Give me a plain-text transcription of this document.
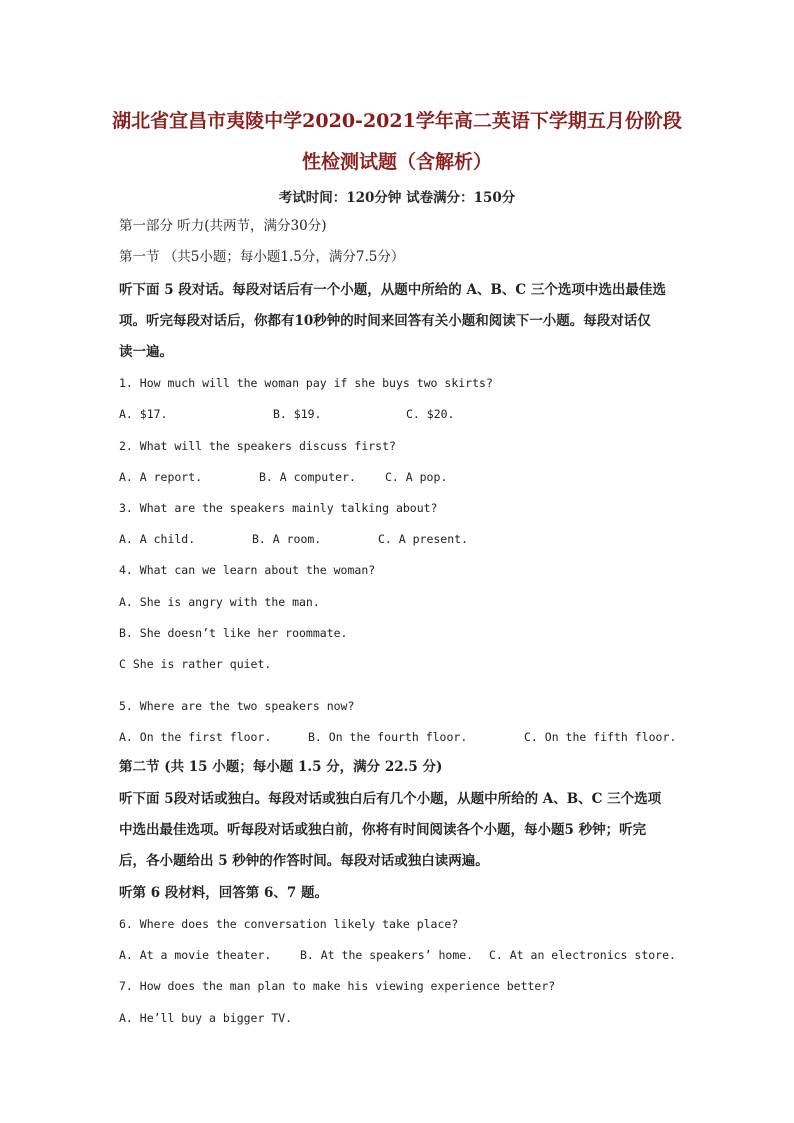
湖北省宜昌市夷陵中学2020-2021学年高二英语下学期五月份阶段
性检测试题（含解析）
考试时间：120分钟 试卷满分：150分
第一部分 听力(共两节，满分30分)
第一节 （共5小题；每小题1.5分，满分7.5分）
听下面 5 段对话。每段对话后有一个小题，从题中所给的 A、B、C 三个选项中选出最佳选
项。听完每段对话后，你都有10秒钟的时间来回答有关小题和阅读下一小题。每段对话仅
读一遍。
1. How much will the woman pay if she buys two skirts?
A. $17.	B. $19.	C. $20.
2. What will the speakers discuss first?
A. A report.	B. A computer.	C. A pop.
3. What are the speakers mainly talking about?
A. A child.	B. A room.	C. A present.
4. What can we learn about the woman?
A. She is angry with the man.
B. She doesn’t like her roommate.
C She is rather quiet.
5. Where are the two speakers now?
A. On the first floor.	B. On the fourth floor.	C. On the fifth floor.
第二节 (共 15 小题；每小题 1.5 分，满分 22.5 分)
听下面 5段对话或独白。每段对话或独白后有几个小题，从题中所给的 A、B、C 三个选项
中选出最佳选项。听每段对话或独白前，你将有时间阅读各个小题，每小题5 秒钟；听完
后，各小题给出 5 秒钟的作答时间。每段对话或独白读两遍。
听第 6 段材料，回答第 6、7 题。
6. Where does the conversation likely take place?
A. At a movie theater. B. At the speakers’ home. C. At an electronics store.
7. How does the man plan to make his viewing experience better?
A. He’ll buy a bigger TV.
